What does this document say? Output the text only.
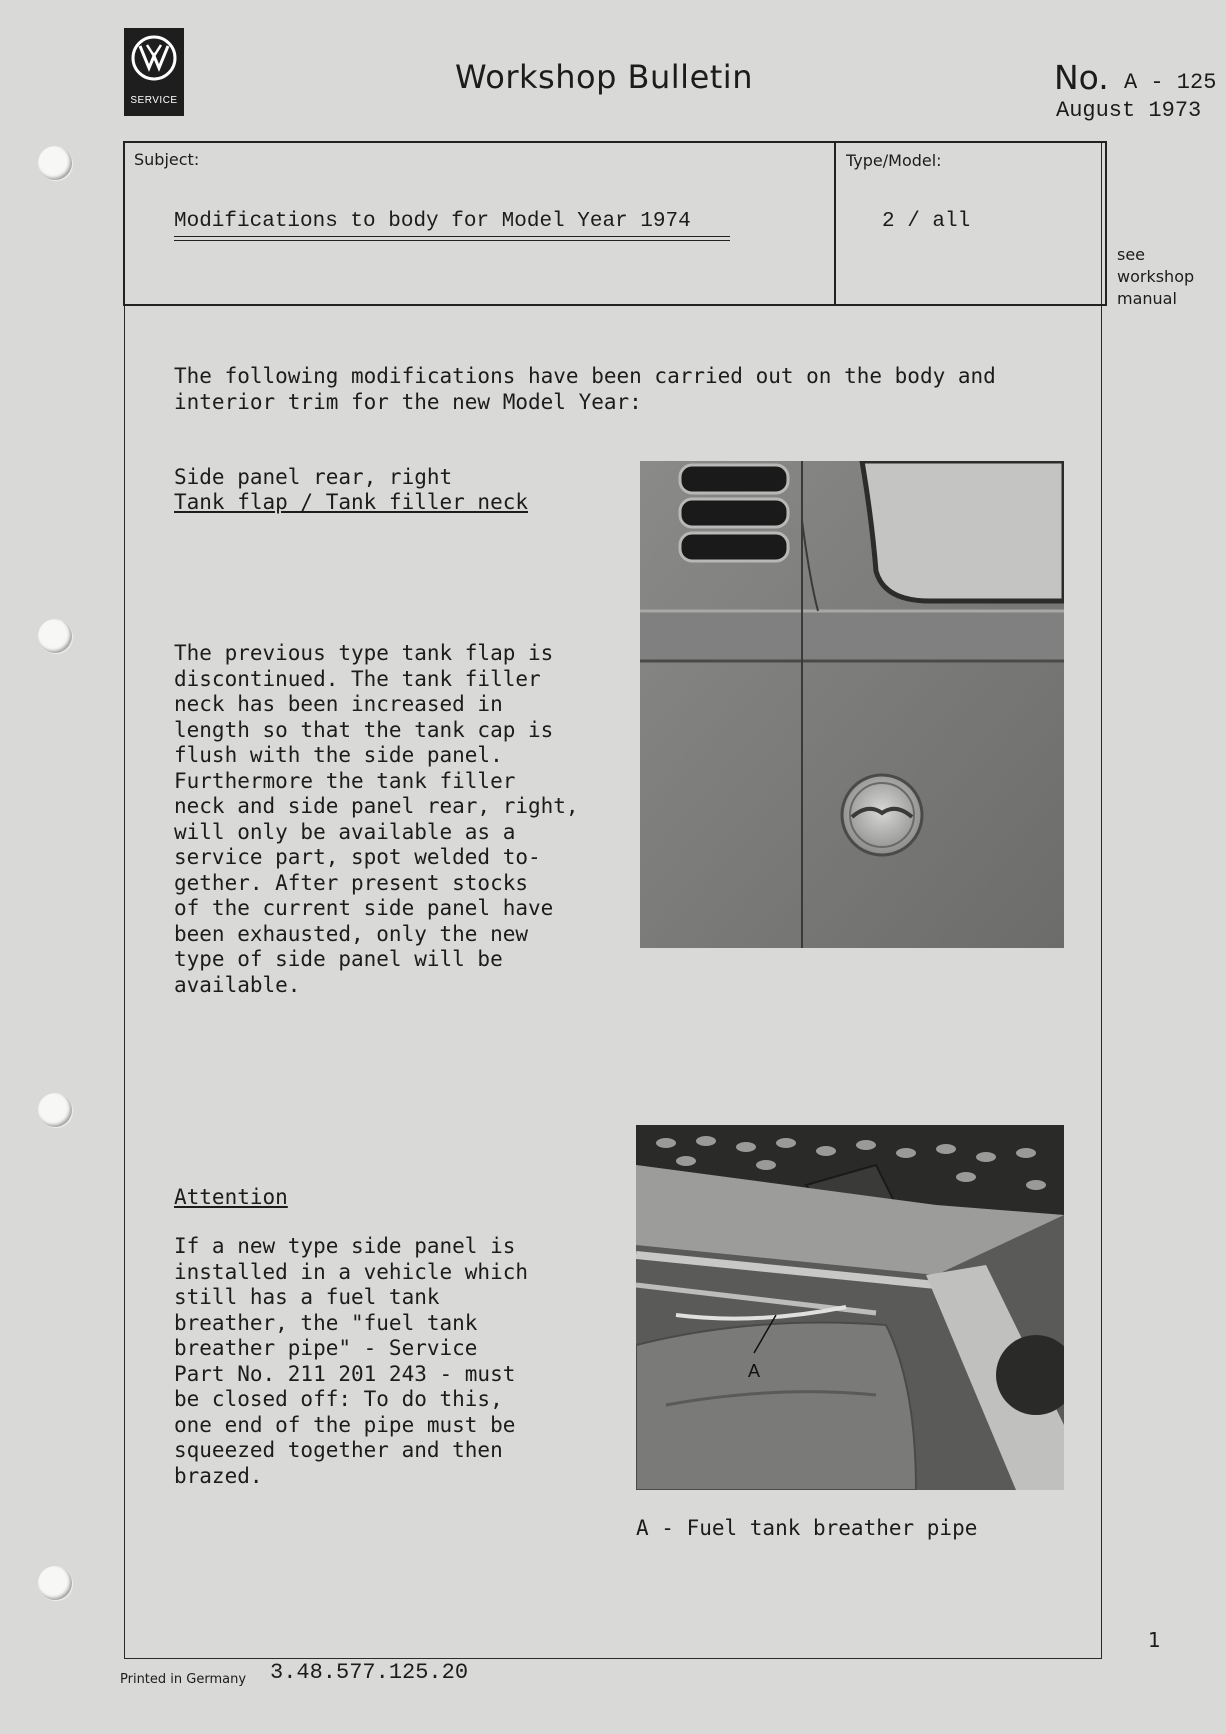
SERVICE
Workshop Bulletin	No. A - 125
August 1973
Subject:
Modifications to body for Model Year 1974
Type/Model:
2 / all
see
workshop
manual
The following modifications have been carried out on the body and
interior trim for the new Model Year:
Side panel rear, right
Tank flap / Tank filler neck
The previous type tank flap is
discontinued. The tank filler
neck has been increased in
length so that the tank cap is
flush with the side panel.
Furthermore the tank filler
neck and side panel rear, right,
will only be available as a
service part, spot welded to-
gether. After present stocks
of the current side panel have
been exhausted, only the new
type of side panel will be
available.
Attention
If a new type side panel is
installed in a vehicle which
still has a fuel tank
breather, the "fuel tank
breather pipe" - Service
Part No. 211 201 243 - must
be closed off: To do this,
one end of the pipe must be
squeezed together and then
brazed.
A
A - Fuel tank breather pipe
Printed in Germany 3.48.577.125.20
1
